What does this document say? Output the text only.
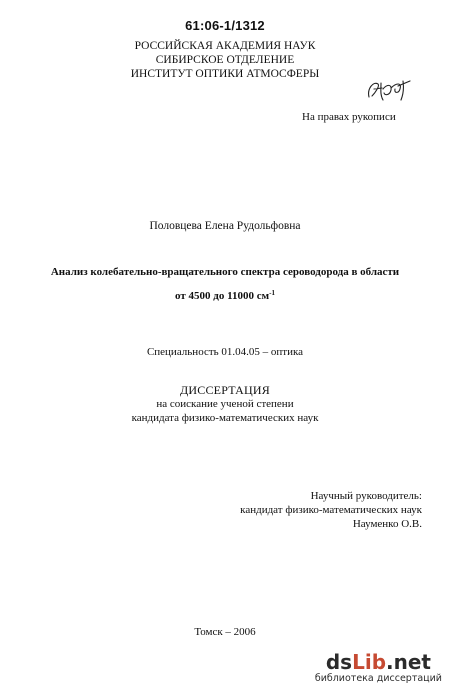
61:06-1/1312
РОССИЙСКАЯ АКАДЕМИЯ НАУК
СИБИРСКОЕ ОТДЕЛЕНИЕ
ИНСТИТУТ ОПТИКИ АТМОСФЕРЫ
На правах рукописи
Половцева Елена Рудольфовна
Анализ колебательно-вращательного спектра сероводорода в области
от 4500 до 11000 $см^{-1}$
Специальность 01.04.05 – оптика
ДИССЕРТАЦИЯ
на соискание ученой степени
кандидата физико-математических наук
Научный руководитель:
кандидат физико-математических наук
Науменко О.В.
Томск – 2006
dsLib.net
библиотека диссертаций
